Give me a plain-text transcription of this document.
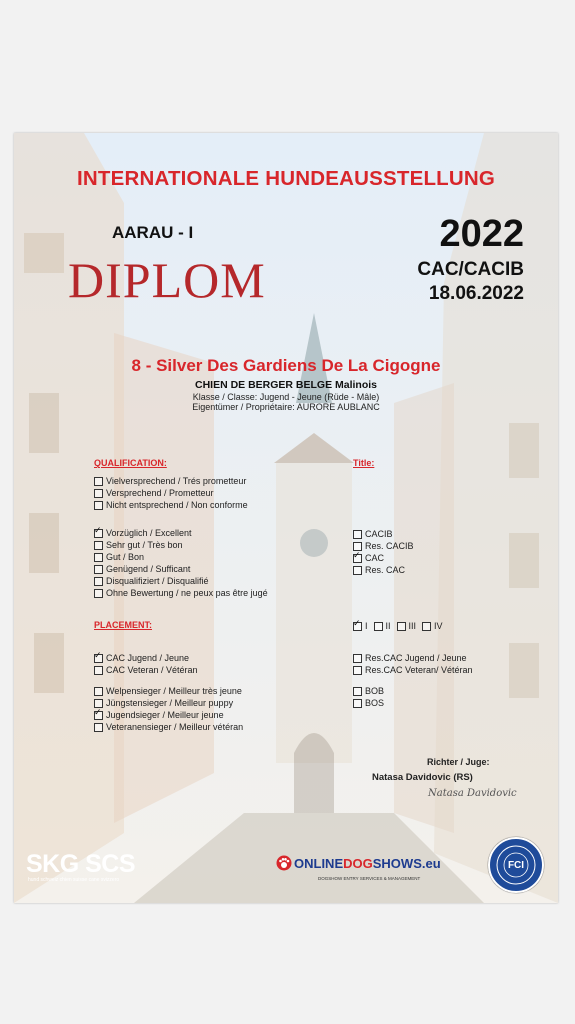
INTERNATIONALE HUNDEAUSSTELLUNG
AARAU - I
DIPLOM
2022
CAC/CACIB
18.06.2022
8 - Silver Des Gardiens De La Cigogne
CHIEN DE BERGER BELGE Malinois
Klasse / Classe: Jugend - Jeune (Rüde - Mâle)
Eigentümer / Propriétaire: AURORE AUBLANC
QUALIFICATION:	Title:
Vielversprechend / Trés prometteur
Versprechend / Prometteur
Nicht entsprechend / Non conforme
✓
Vorzüglich / Excellent
Sehr gut / Très bon
Gut / Bon
Genügend / Sufficant
Disqualifiziert / Disqualifié
Ohne Bewertung / ne peux pas être jugé
CACIB
Res. CACIB
✓
CAC
Res. CAC
PLACEMENT:
✓	I II III IV
✓
CAC Jugend / Jeune
CAC Veteran / Vétéran
Welpensieger / Meilleur très jeune
Jüngstensieger / Meilleur puppy
✓
Jugendsieger / Meilleur jeune
Veteranensieger / Meilleur vétéran
Res.CAC Jugend / Jeune
Res.CAC Veteran/ Vétéran
BOB
BOS
Richter / Juge:
Natasa Davidovic (RS)
Natasa Davidovic
SKG SCS
hund schweiz chien suisse cane svizzero
ONLINEDOGSHOWS.eu
DOGSHOW ENTRY SERVICES & MANAGEMENT
FCI
